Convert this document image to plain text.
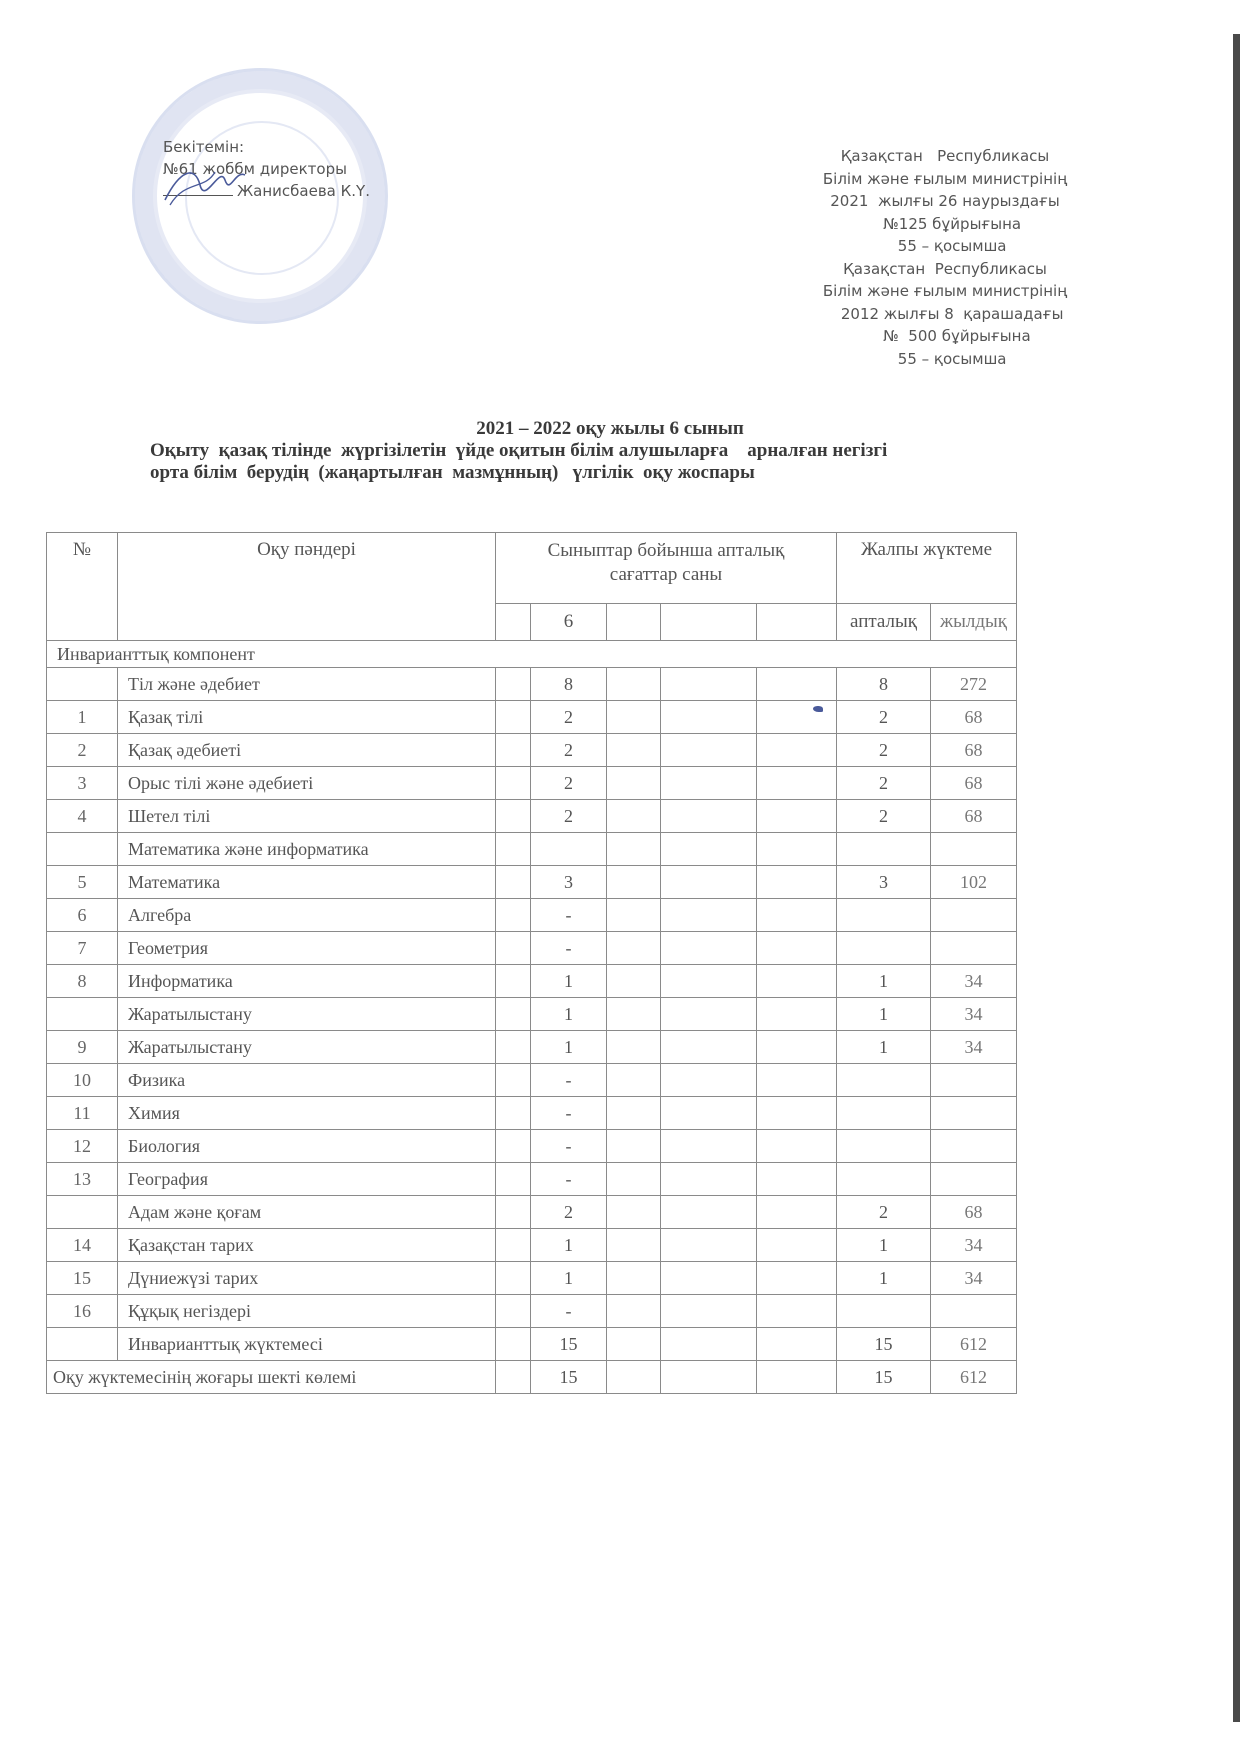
Бекітемін:
№61 жоббм директоры
Жанисбаева К.Ү.
Қазақстан   Республикасы
Білім және ғылым министрінің
2021  жылғы 26 наурыздағы
№125 бұйрығына
55 – қосымша
Қазақстан  Республикасы
Білім және ғылым министрінің
2012 жылғы 8  қарашадағы
№  500 бұйрығына
55 – қосымша
2021 – 2022 оқу жылы 6 сынып
Оқыту  қазақ тілінде  жүргізілетін  үйде оқитын білім алушыларға    арналған негізгі
орта білім  берудің  (жаңартылған  мазмұнның)   үлгілік  оқу жоспары
№	Оқу пәндері	Сыныптар бойынша апталық сағаттар саны					Жалпы жүктеме	
			6				апталық	жылдық
Инварианттық компонент								
	Тіл және әдебиет		8				8	272
1	Қазақ тілі		2				2	68
2	Қазақ әдебиеті		2				2	68
3	Орыс тілі және әдебиеті		2				2	68
4	Шетел тілі		2				2	68
	Математика және информатика							
5	Математика		3				3	102
6	Алгебра		-					
7	Геометрия		-					
8	Информатика		1				1	34
	Жаратылыстану		1				1	34
9	Жаратылыстану		1				1	34
10	Физика		-					
11	Химия		-					
12	Биология		-					
13	География		-					
	Адам және қоғам		2				2	68
14	Қазақстан тарих		1				1	34
15	Дүниежүзі тарих		1				1	34
16	Құқық негіздері		-					
	Инварианттық жүктемесі		15				15	612
Оқу жүктемесінің жоғары шекті көлемі			15				15	612
